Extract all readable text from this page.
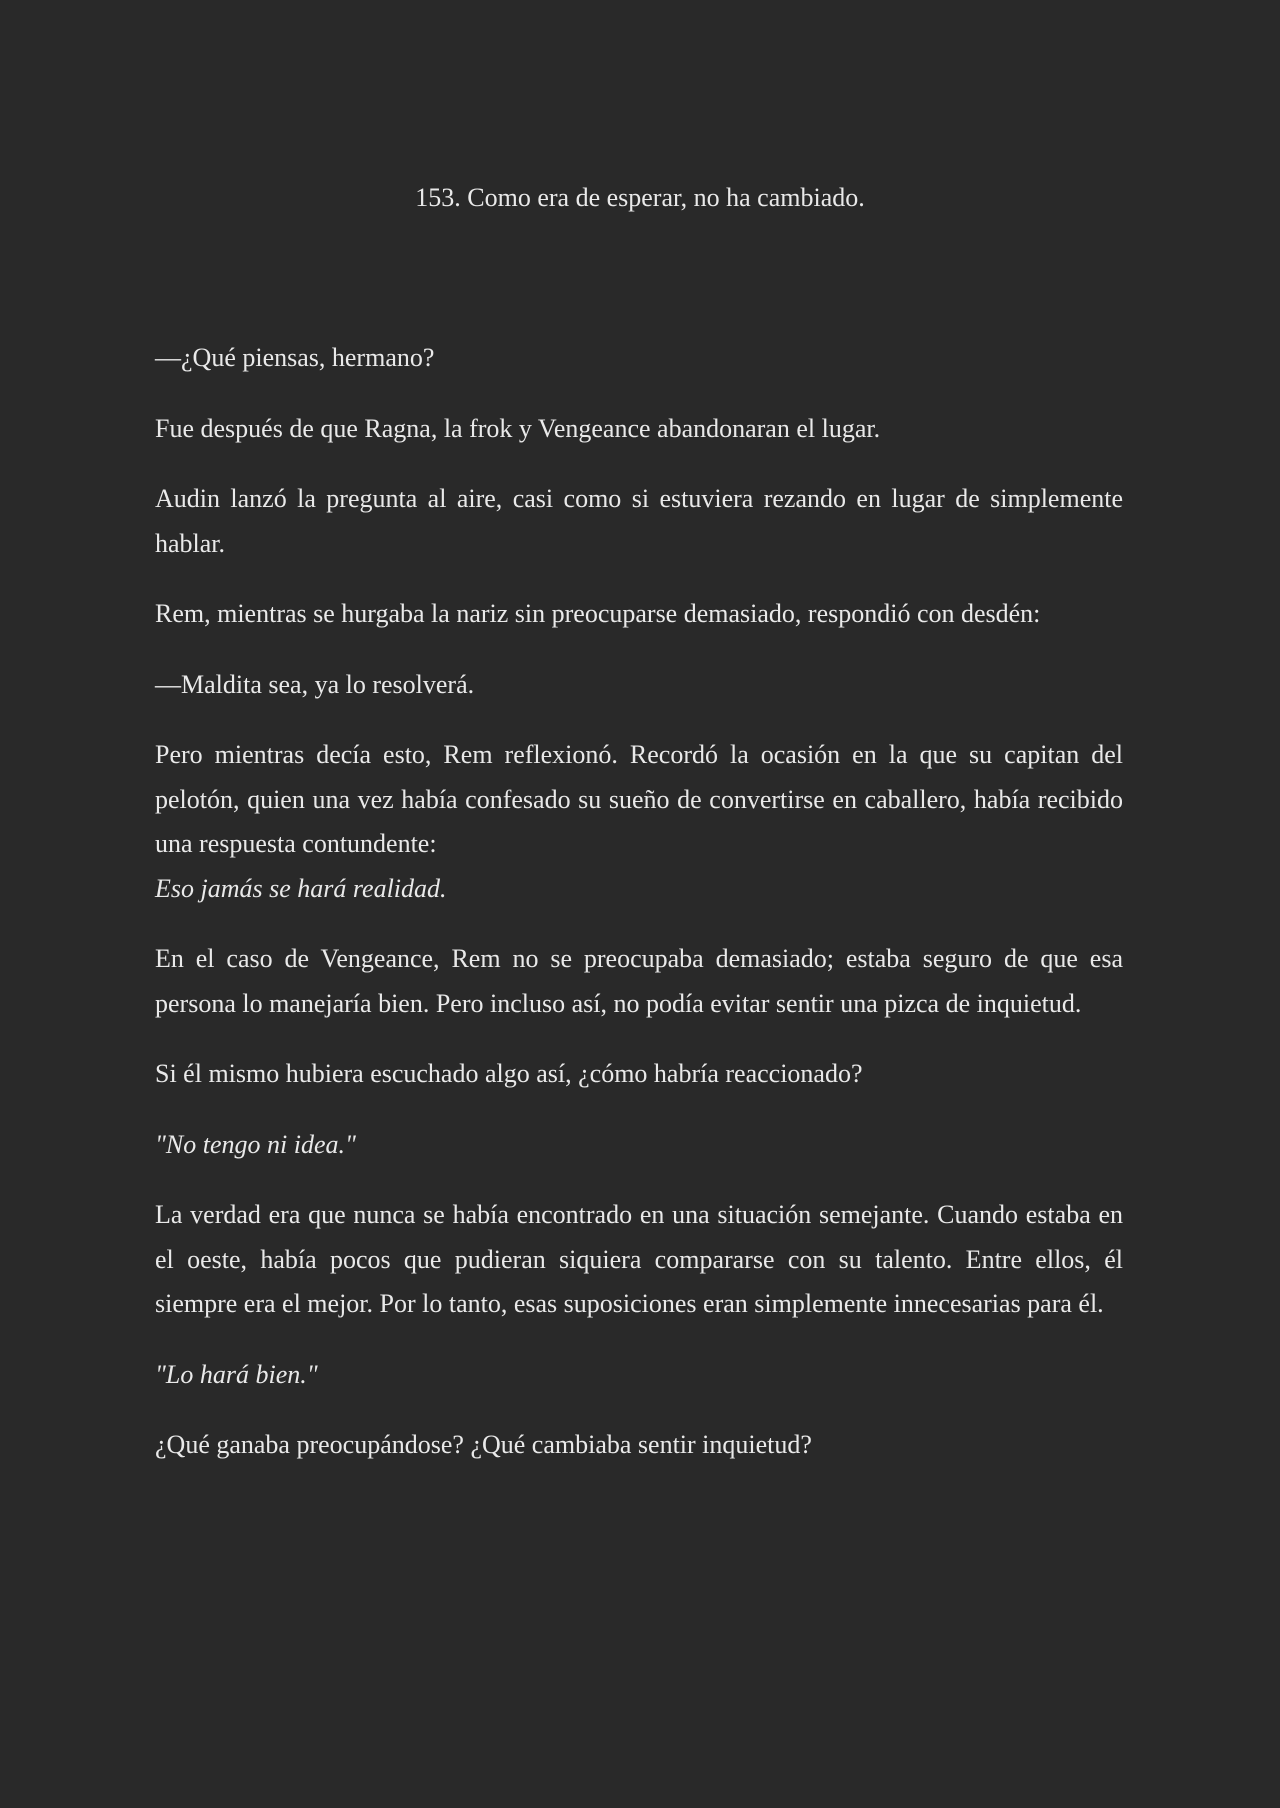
153. Como era de esperar, no ha cambiado.

—¿Qué piensas, hermano?

Fue después de que Ragna, la frok y Vengeance abandonaran el lugar.

Audin lanzó la pregunta al aire, casi como si estuviera rezando en lugar de simplemente hablar.

Rem, mientras se hurgaba la nariz sin preocuparse demasiado, respondió con desdén:

—Maldita sea, ya lo resolverá.

Pero mientras decía esto, Rem reflexionó. Recordó la ocasión en la que su capitan del pelotón, quien una vez había confesado su sueño de convertirse en caballero, había recibido una respuesta contundente:

Eso jamás se hará realidad.

En el caso de Vengeance, Rem no se preocupaba demasiado; estaba seguro de que esa persona lo manejaría bien. Pero incluso así, no podía evitar sentir una pizca de inquietud.

Si él mismo hubiera escuchado algo así, ¿cómo habría reaccionado?

"No tengo ni idea."

La verdad era que nunca se había encontrado en una situación semejante. Cuando estaba en el oeste, había pocos que pudieran siquiera compararse con su talento. Entre ellos, él siempre era el mejor. Por lo tanto, esas suposiciones eran simplemente innecesarias para él.

"Lo hará bien."

¿Qué ganaba preocupándose? ¿Qué cambiaba sentir inquietud?
